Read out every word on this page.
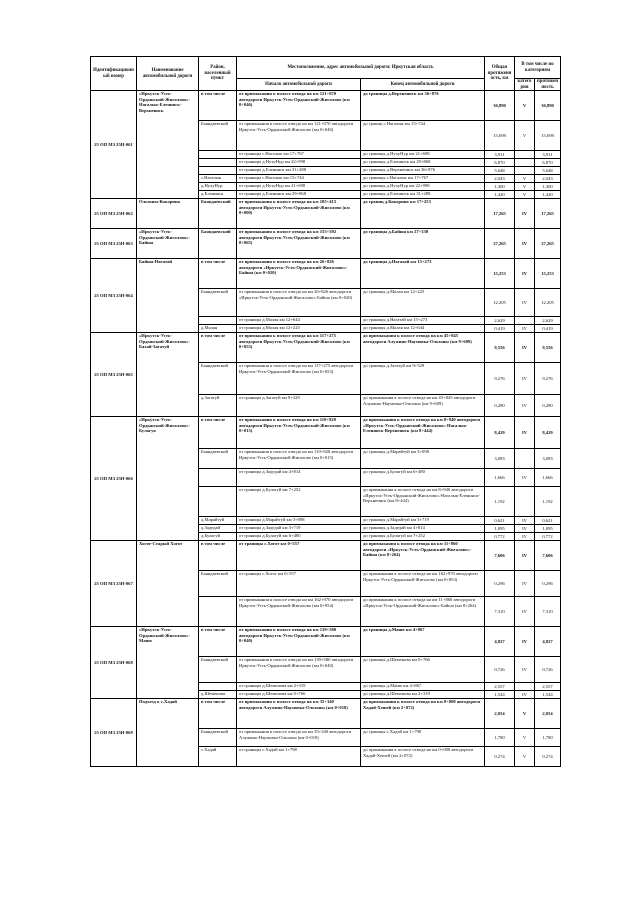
Идентификационный номер	Наименование автомобильной дороги	Район, населенный пункт	Местоположение, адрес автомобильной дороги: Иркутская область		Общая протяженность, км	В том числе по категориям	
			Начало автомобильной дороги	Конец автомобильной дороги		категория	протяженность
25 ОП МЗ 25Н-061	«Иркутск-Усть-Ордынский-Жигалово»-Нагалык-Еленинск-Верхнеинск	в том числе	от примыкания к полосе отвода на км 121+070 автодороги Иркутск-Усть-Ордынский-Жигалово (км 0+046)	до границы д.Верхнеинск км 36+876	36,890	V	36,890
		Баяндаевский	от примыкания к полосе отвода на км 121+070 автодороги Иркутск-Усть-Ордынский-Жигалово (км 0+046)	до границ с.Нагалык км 15+744	15,698	V	15,698
			от границы с.Нагалык км 17+767	до границы д.НухуНур км 21+698	3,911		3,911
			от границы д.НухуНур км 22+998	до границы д.Еленинск км 29+868	6,870		6,870
			от границы д.Еленинск км 31+288	до границы д.Верхнеинск км 36+876	5,648		5,648
		с.Нагалык	от границы с.Нагалык км 15+744	до границы с.Нагалык км 17+767	2,043	V	2,043
		д.НухуНур	от границы д.НухуНур км 21+698	до границы д.НухуНур км 22+998	1,300	V	1,300
		д.Еленинск	от границы д.Еленинск км 29+868	до границы д.Еленинск км 31+288	1,420	V	1,420
25 ОП МЗ 25Н-062	Ользоны-Кокорина	Баяндаевский	от примыкания к полосе отвода на км 105+415 автодороги Иркутск-Усть-Ордынский-Жигалово (км 0+000)	до границ д.Кокорина км 17+253	17,265	IV	17,265
25 ОП МЗ 25Н-063	«Иркутск-Усть-Ордынский-Жигалово»-Байша	Баяндаевский	от примыкания к полосе отвода на км 155+592 автодороги Иркутск-Усть-Ордынский-Жигалово (км 0+065)	до границы д.Байша км 27+330	27,265	IV	27,265
25 ОП МЗ 25Н-064	Байша-Нагатай	в том числе	от примыкания к полосе отвода на км 26+826 автодороги «Иркутск-Усть-Ордынский-Жигалово»-Байша (км 0+020)	до границы д.Нагатай км 15+273	15,253	IV	15,253
		Баяндаевский	от примыкания к полосе отвода на км 26+826 автодороги «Иркутск-Усть-Ордынский-Жигалово»-Байша (км 0+020)	до границы д.Малая км 12+225	12,205	IV	12,205
			от границы д.Малая км 12+644	до границы д.Нагатай км 15+273	2,629		2,629
		д.Малая	от границы д.Малая км 12+225	до границы д.Малая км 12+644	0,419	IV	0,419
25 ОП МЗ 25Н-065	«Иркутск-Усть-Ордынский-Жигалово»-Бахай-Загатуй	в том числе	от примыкания к полосе отвода на км 117+275 автодороги Иркутск-Усть-Ордынский-Жигалово (км 0+053)	до примыкания к полосе отвода на км 45+845 автодороги Алужино-Наумовка-Ользоны (км 9+609)	9,556	IV	9,556
		Баяндаевский	от примыкания к полосе отвода на км 117+275 автодороги Иркутск-Усть-Ордынский-Жигалово (км 0+053)	до границы д.Загатуй км 9+329	9,276	IV	9,276
		д.Загатуй	от границы д.Загатуй км 9+329	до примыкания к полосе отвода на км 45+845 автодороги Алужино-Наумовка-Ользоны (км 9+609)	0,280	IV	0,280
25 ОП МЗ 25Н-066	«Иркутск-Усть-Ордынский-Жигалово»-Булагуя	в том числе	от примыкания к полосе отвода на км 110+928 автодороги Иркутск-Усть-Ордынский-Жигалово (км 0+015)	до примыкания к полосе отвода на км 8+940 автодороги «Иркутск-Усть-Ордынский-Жигалово»-Нагалык-Еленинск-Верхнеинск (км 8+444)	8,429	IV	8,429
		Баяндаевский	от примыкания к полосе отвода на км 110+928 автодороги Иркутск-Усть-Ордынский-Жигалово (км 0+015)	до границы д.Марайтуй км 3+098	3,083		3,083
			от границы д.Задедай км 4+814	до границы д.Булагуй км 6+480	1,666	IV	1,666
			от границы д.Булагуй км 7+252	до примыкания к полосе отвода на км 8+940 автодороги «Иркутск-Усть-Ордынский-Жигалово»-Нагалык-Еленинск-Верхнеинск (км 8+444)	1,192		1,192
		д.Марайтуй	от границы д.Марайтуй км 3+098	до границы д.Марайтуй км 3+719	0,621	IV	0,621
		д.Задедай	от границы д.Задедай км 3+719	до границы д.Задедай км 4+814	1,095	IV	1,095
		д.Булагуй	от границы д.Булагуй км 6+480	до границы д.Булагуй км 7+252	0,772	IV	0,772
25 ОП МЗ 25Н-067	Хогот-Старый Хогот	в том числе	от границы с.Хогот км 0+557	до примыкания к полосе отвода на км 11+860 автодороги «Иркутск-Усть-Ордынский-Жигалово»-Байша (км 8+264)	7,606	IV	7,606
		Баяндаевский	от границы с.Хогот км 0+557	до примыкания к полосе отвода на км 162+970 автодороги Иркутск-Усть-Ордынский-Жигалово (км 0+853)	0,296	IV	0,296
			от примыкания к полосе отвода на км 162+970 автодороги Иркутск-Усть-Ордынский-Жигалово (км 0+954)	до примыкания к полосе отвода на км 11+860 автодороги «Иркутск-Усть-Ордынский-Жигалово»-Байша (км 8+264)	7,310	IV	7,310
25 ОП МЗ 25Н-068	«Иркутск-Усть-Ордынский-Жигалово»-Маню	в том числе	от примыкания к полосе отвода на км 139+580 автодороги Иркутск-Усть-Ордынский-Жигалово (км 0+040)	до границы д.Маню км 4+867	4,827	IV	4,827
		Баяндаевский	от примыкания к полосе отвода на км 139+580 автодороги Иркутск-Усть-Ордынский-Жигалово (км 0+040)	до границы д.Шеменова км 0+766	0,726	IV	0,726
			от границы д.Шеменова км 2+319	до границы д.Маню км 4+867	2,557		2,557
		д.Шеменова	от границы д.Шеменова км 0+766	до границы д.Шеменова км 2+319	1,544	IV	1,544
25 ОП МЗ 25Н-069	Подъезд к с.Хадай	в том числе	от примыкания к полосе отвода на км 35+340 автодороги Алужино-Наумовка-Ользоны (км 0+018)	до примыкания к полосе отвода на км 0+000 автодороги Хадай-Хешей (км 2+072)	2,054	V	2,054
		Баяндаевский	от примыкания к полосе отвода на км 35+340 автодороги Алужино-Наумовка-Ользоны (км 0+018)	до границы с.Хадай км 1+798	1,780	V	1,780
		с.Хадай	от границы с.Хадай км 1+798	до примыкания к полосе отвода на км 0+000 автодороги Хадай-Хешей (км 2+072)	0,274	V	0,274
